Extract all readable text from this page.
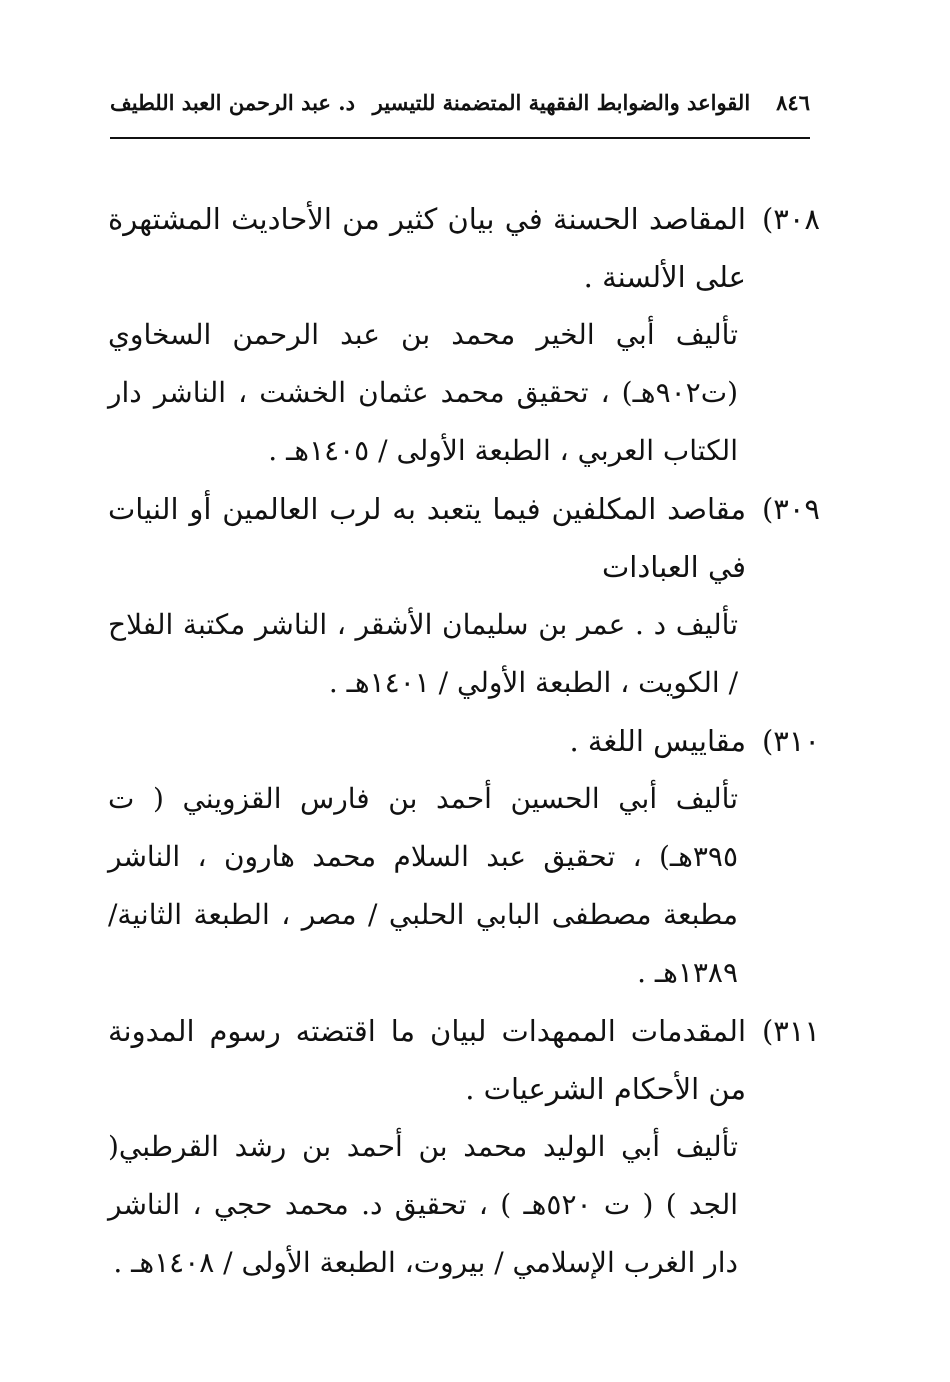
٨٤٦
القواعد والضوابط الفقهية المتضمنة للتيسير
د. عبد الرحمن العبد اللطيف
٣٠٨)
المقاصد الحسنة في بيان كثير من الأحاديث المشتهرة على الألسنة .
تأليف أبي الخير محمد بن عبد الرحمن السخاوي (ت٩٠٢هـ) ، تحقيق محمد عثمان الخشت ، الناشر دار الكتاب العربي ، الطبعة الأولى / ١٤٠٥هـ .
٣٠٩)
مقاصد المكلفين فيما يتعبد به لرب العالمين أو النيات في العبادات
تأليف د . عمر بن سليمان الأشقر ، الناشر مكتبة الفلاح / الكويت ، الطبعة الأولي / ١٤٠١هـ .
٣١٠)
مقاييس اللغة .
تأليف أبي الحسين أحمد بن فارس القزويني ( ت ٣٩٥هـ) ، تحقيق عبد السلام محمد هارون ، الناشر مطبعة مصطفى البابي الحلبي / مصر ، الطبعة الثانية/ ١٣٨٩هـ .
٣١١)
المقدمات الممهدات لبيان ما اقتضته رسوم المدونة من الأحكام الشرعيات .
تأليف أبي الوليد محمد بن أحمد بن رشد القرطبي( الجد ) ( ت ٥٢٠هـ ) ، تحقيق د. محمد حجي ، الناشر دار الغرب الإسلامي / بيروت، الطبعة الأولى / ١٤٠٨هـ .
